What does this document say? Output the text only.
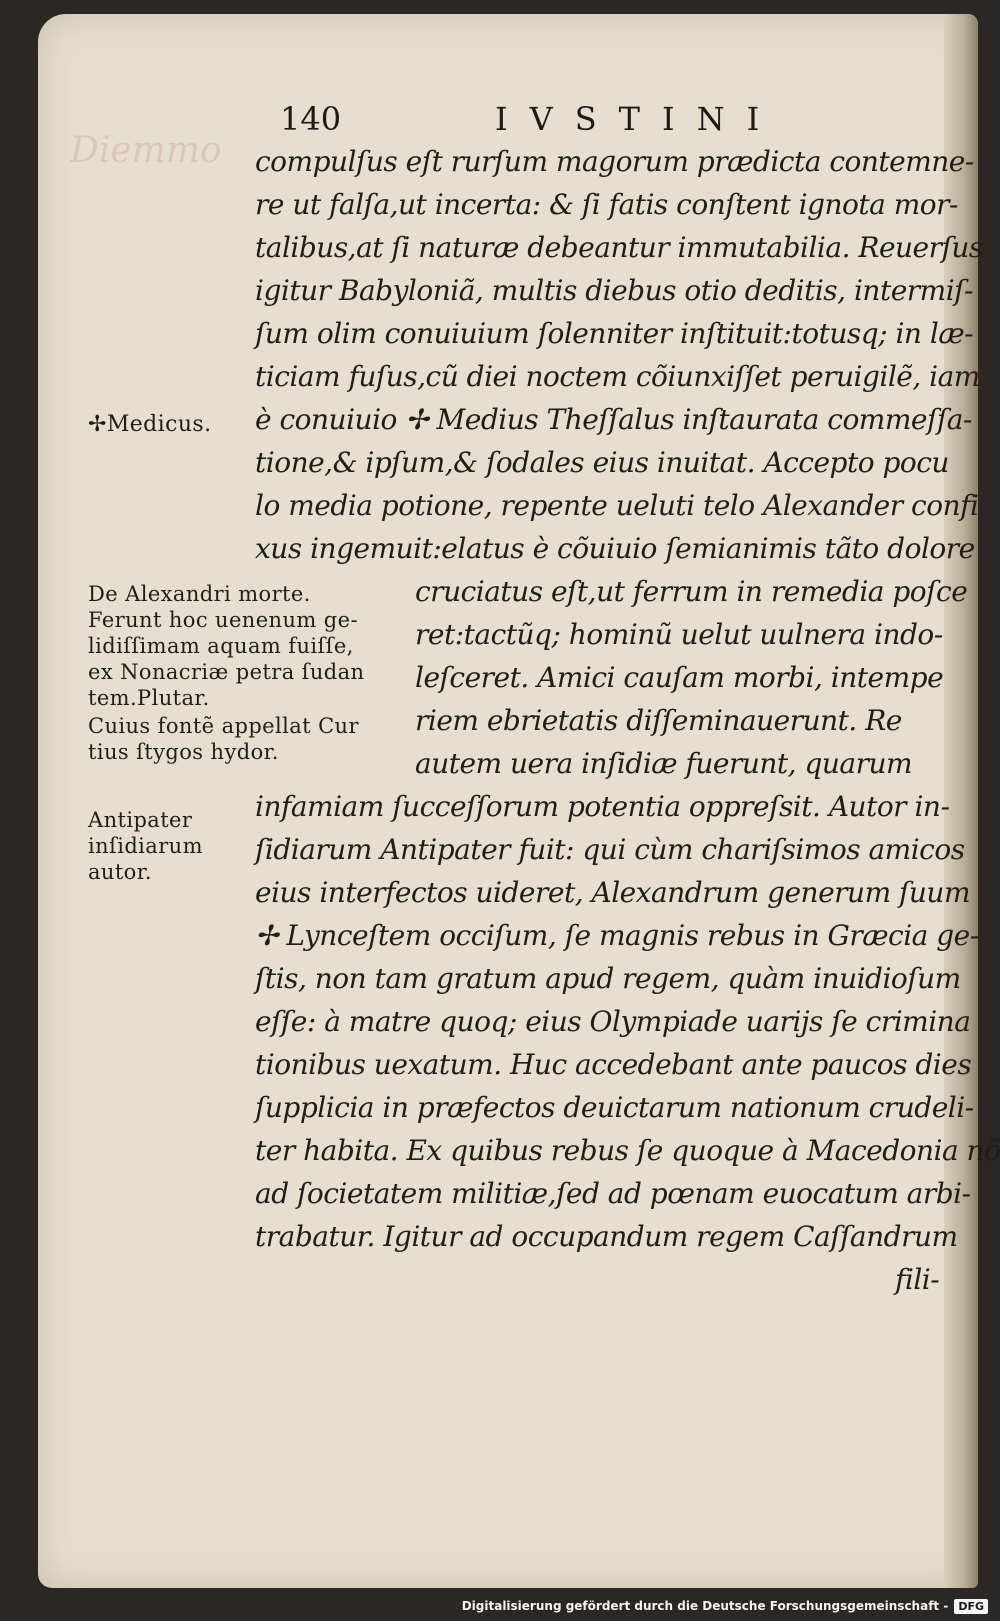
Diemmo
140	IVSTINI
compulſus eſt rurſum magorum prædicta contemne-
re ut falſa,ut incerta: & ſi fatis conſtent ignota mor-
talibus,at ſi naturæ debeantur immutabilia. Reuerſus
igitur Babyloniã, multis diebus otio deditis, intermiſ-
ſum olim conuiuium ſolenniter inſtituit:totusq; in læ-
ticiam fuſus,cũ diei noctem cõiunxiſſet peruigilẽ, iam
è conuiuio ✢ Medius Theſſalus inſtaurata commeſſa-
tione,& ipſum,& ſodales eius inuitat. Accepto pocu
lo media potione, repente ueluti telo Alexander confi
xus ingemuit:elatus è cõuiuio ſemianimis tãto dolore
cruciatus eſt,ut ferrum in remedia poſce
ret:tactũq; hominũ uelut uulnera indo-
leſceret. Amici cauſam morbi, intempe
riem ebrietatis diſſeminauerunt. Re
autem uera inſidiæ fuerunt, quarum
infamiam ſucceſſorum potentia oppreſsit. Autor in-
ſidiarum Antipater fuit: qui cùm chariſsimos amicos
eius interfectos uideret, Alexandrum generum ſuum
✢ Lynceſtem occiſum, ſe magnis rebus in Græcia ge-
ſtis, non tam gratum apud regem, quàm inuidioſum
eſſe: à matre quoq; eius Olympiade uarijs ſe crimina
tionibus uexatum. Huc accedebant ante paucos dies
ſupplicia in præfectos deuictarum nationum crudeli-
ter habita. Ex quibus rebus ſe quoque à Macedonia nõ
ad ſocietatem militiæ,ſed ad pœnam euocatum arbi-
trabatur. Igitur ad occupandum regem Caſſandrum
fili-
✢Medicus.
De Alexandri morte.
Ferunt hoc uenenum ge-
lidiſſimam aquam fuiſſe,
ex Nonacriæ petra ſudan
tem.Plutar.
Cuius fontẽ appellat Cur
tius ſtygos hydor.
Antipater
inſidiarum
autor.
Digitalisierung gefördert durch die Deutsche Forschungsgemeinschaft - DFG
